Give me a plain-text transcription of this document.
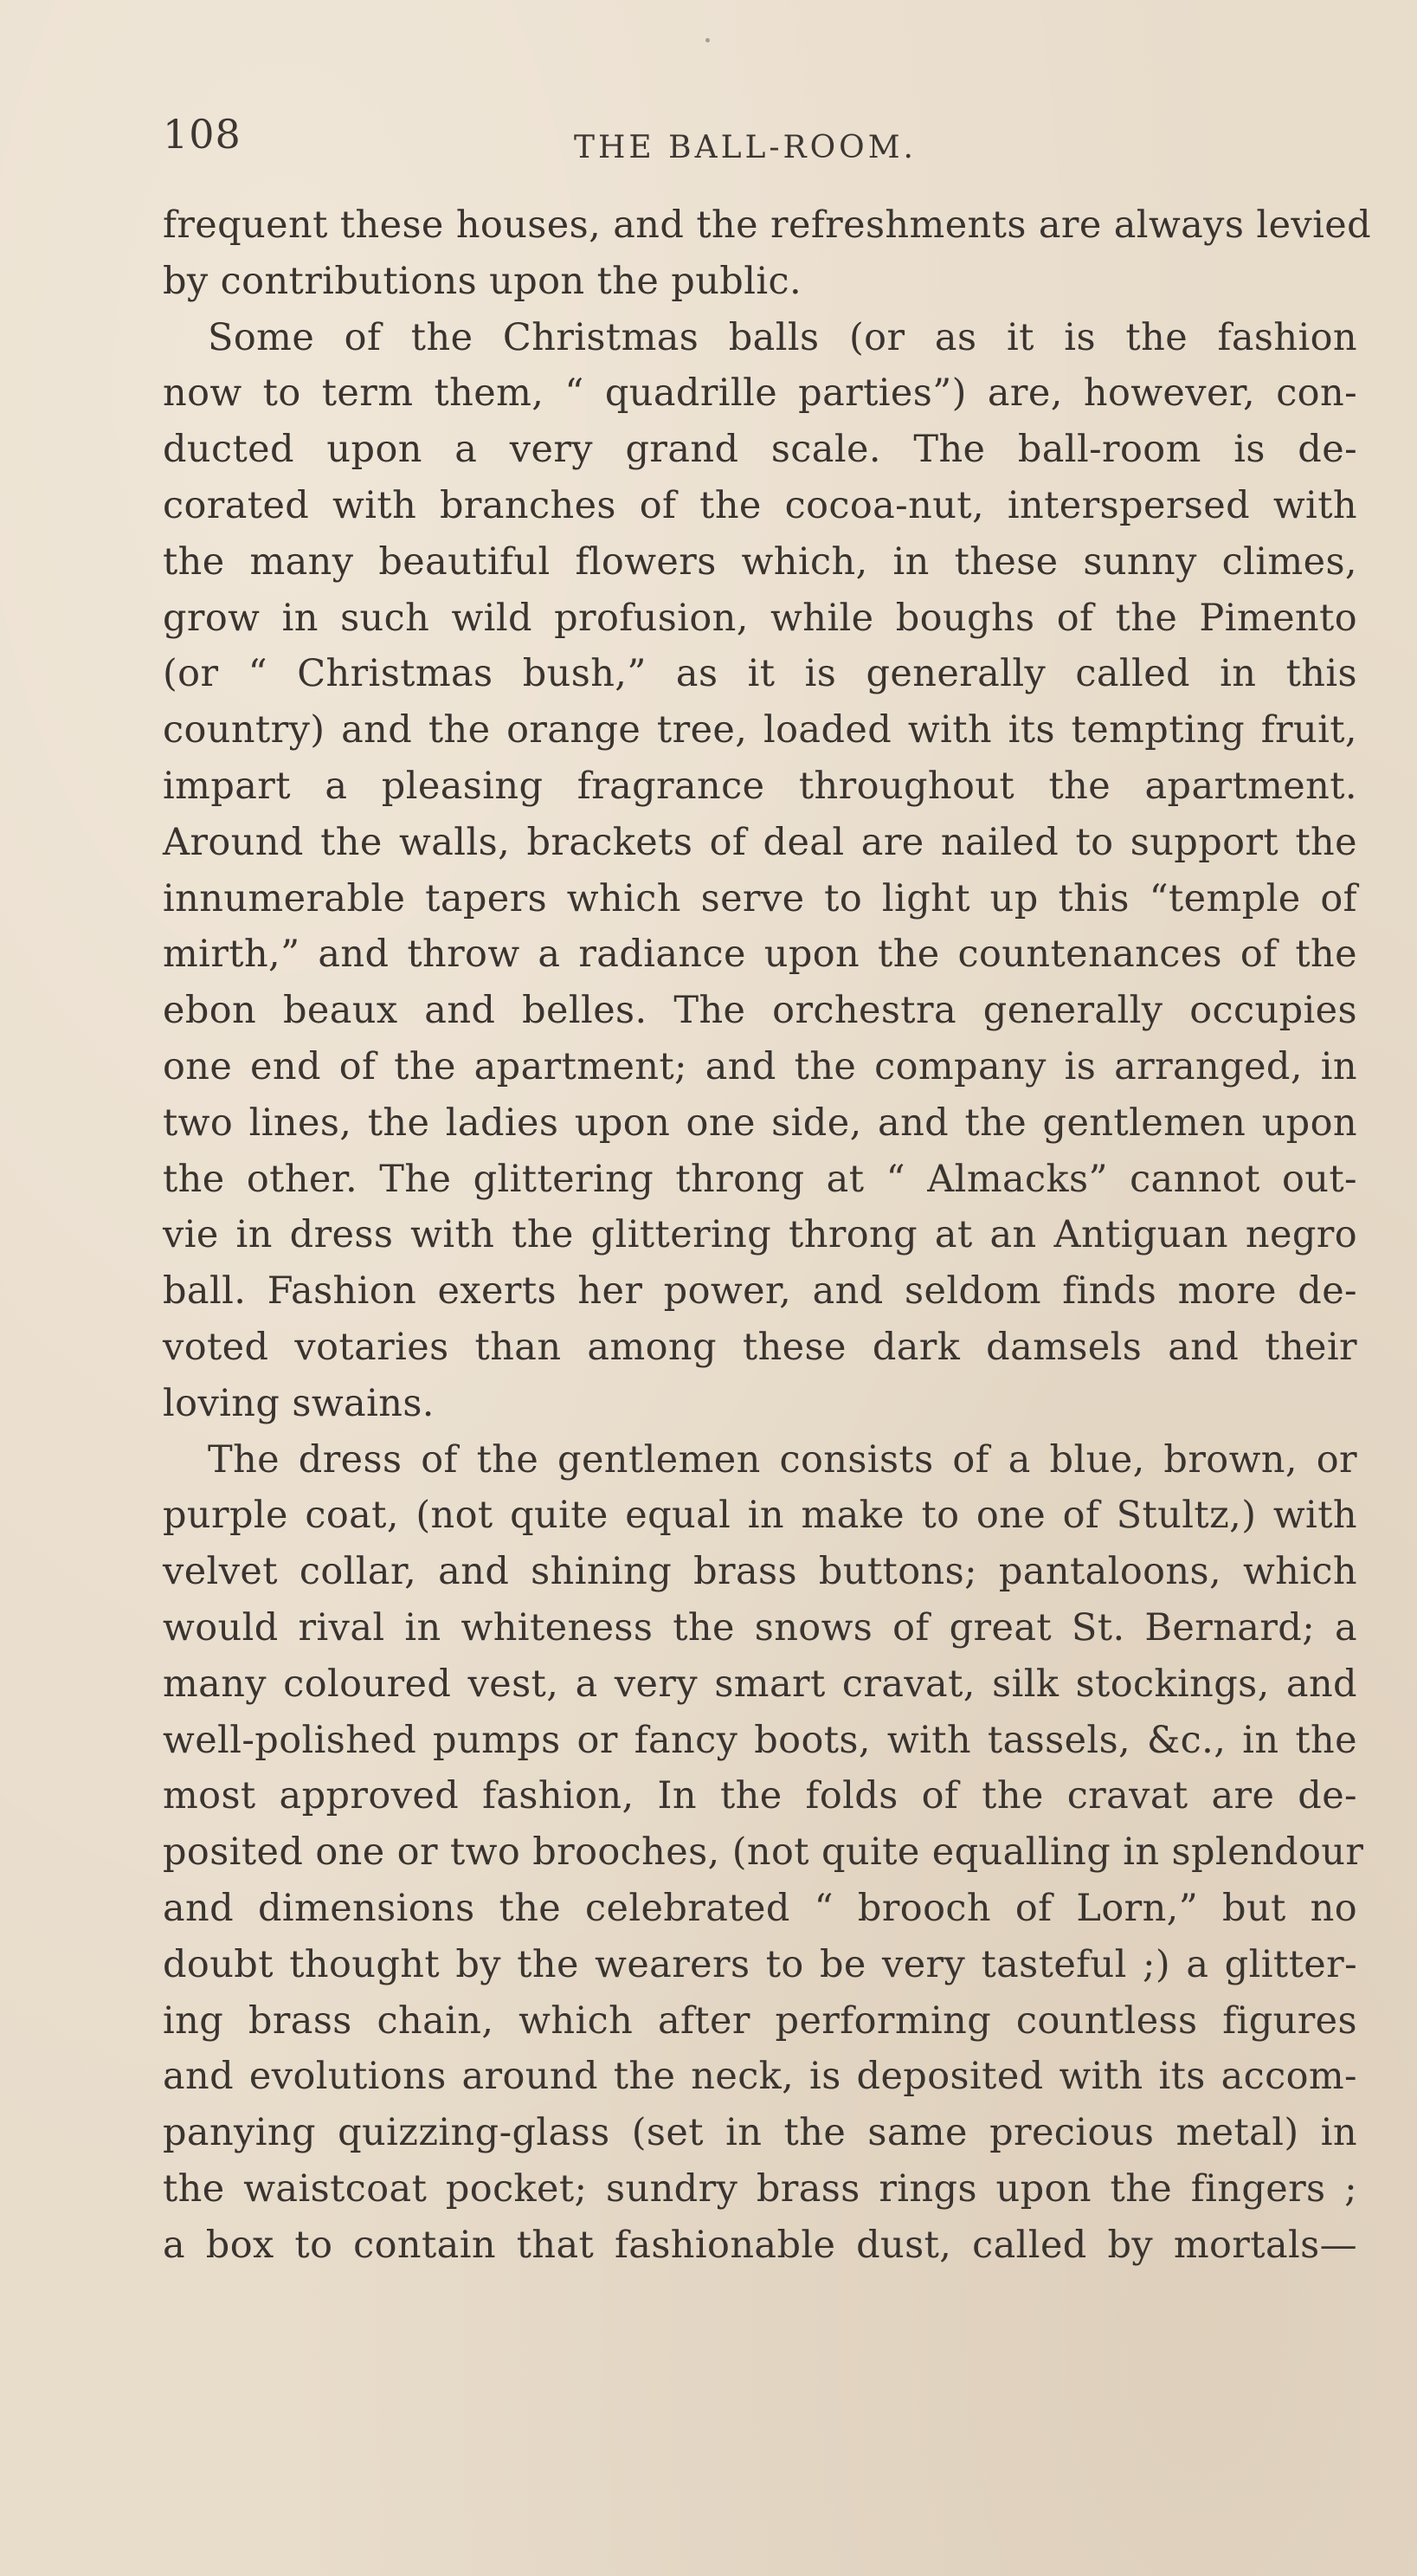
108	THE BALL-ROOM.
frequent these houses, and the refreshments are always levied
by contributions upon the public.
Some of the Christmas balls (or as it is the fashion
now to term them, “ quadrille parties”) are, however, con-
ducted upon a very grand scale. The ball-room is de-
corated with branches of the cocoa-nut, interspersed with
the many beautiful flowers which, in these sunny climes,
grow in such wild profusion, while boughs of the Pimento
(or “ Christmas bush,” as it is generally called in this
country) and the orange tree, loaded with its tempting fruit,
impart a pleasing fragrance throughout the apartment.
Around the walls, brackets of deal are nailed to support the
innumerable tapers which serve to light up this “temple of
mirth,” and throw a radiance upon the countenances of the
ebon beaux and belles. The orchestra generally occupies
one end of the apartment; and the company is arranged, in
two lines, the ladies upon one side, and the gentlemen upon
the other. The glittering throng at “ Almacks” cannot out-
vie in dress with the glittering throng at an Antiguan negro
ball. Fashion exerts her power, and seldom finds more de-
voted votaries than among these dark damsels and their
loving swains.
The dress of the gentlemen consists of a blue, brown, or
purple coat, (not quite equal in make to one of Stultz,) with
velvet collar, and shining brass buttons; pantaloons, which
would rival in whiteness the snows of great St. Bernard; a
many coloured vest, a very smart cravat, silk stockings, and
well-polished pumps or fancy boots, with tassels, &c., in the
most approved fashion, In the folds of the cravat are de-
posited one or two brooches, (not quite equalling in splendour
and dimensions the celebrated “ brooch of Lorn,” but no
doubt thought by the wearers to be very tasteful ;) a glitter-
ing brass chain, which after performing countless figures
and evolutions around the neck, is deposited with its accom-
panying quizzing-glass (set in the same precious metal) in
the waistcoat pocket; sundry brass rings upon the fingers ;
a box to contain that fashionable dust, called by mortals—
